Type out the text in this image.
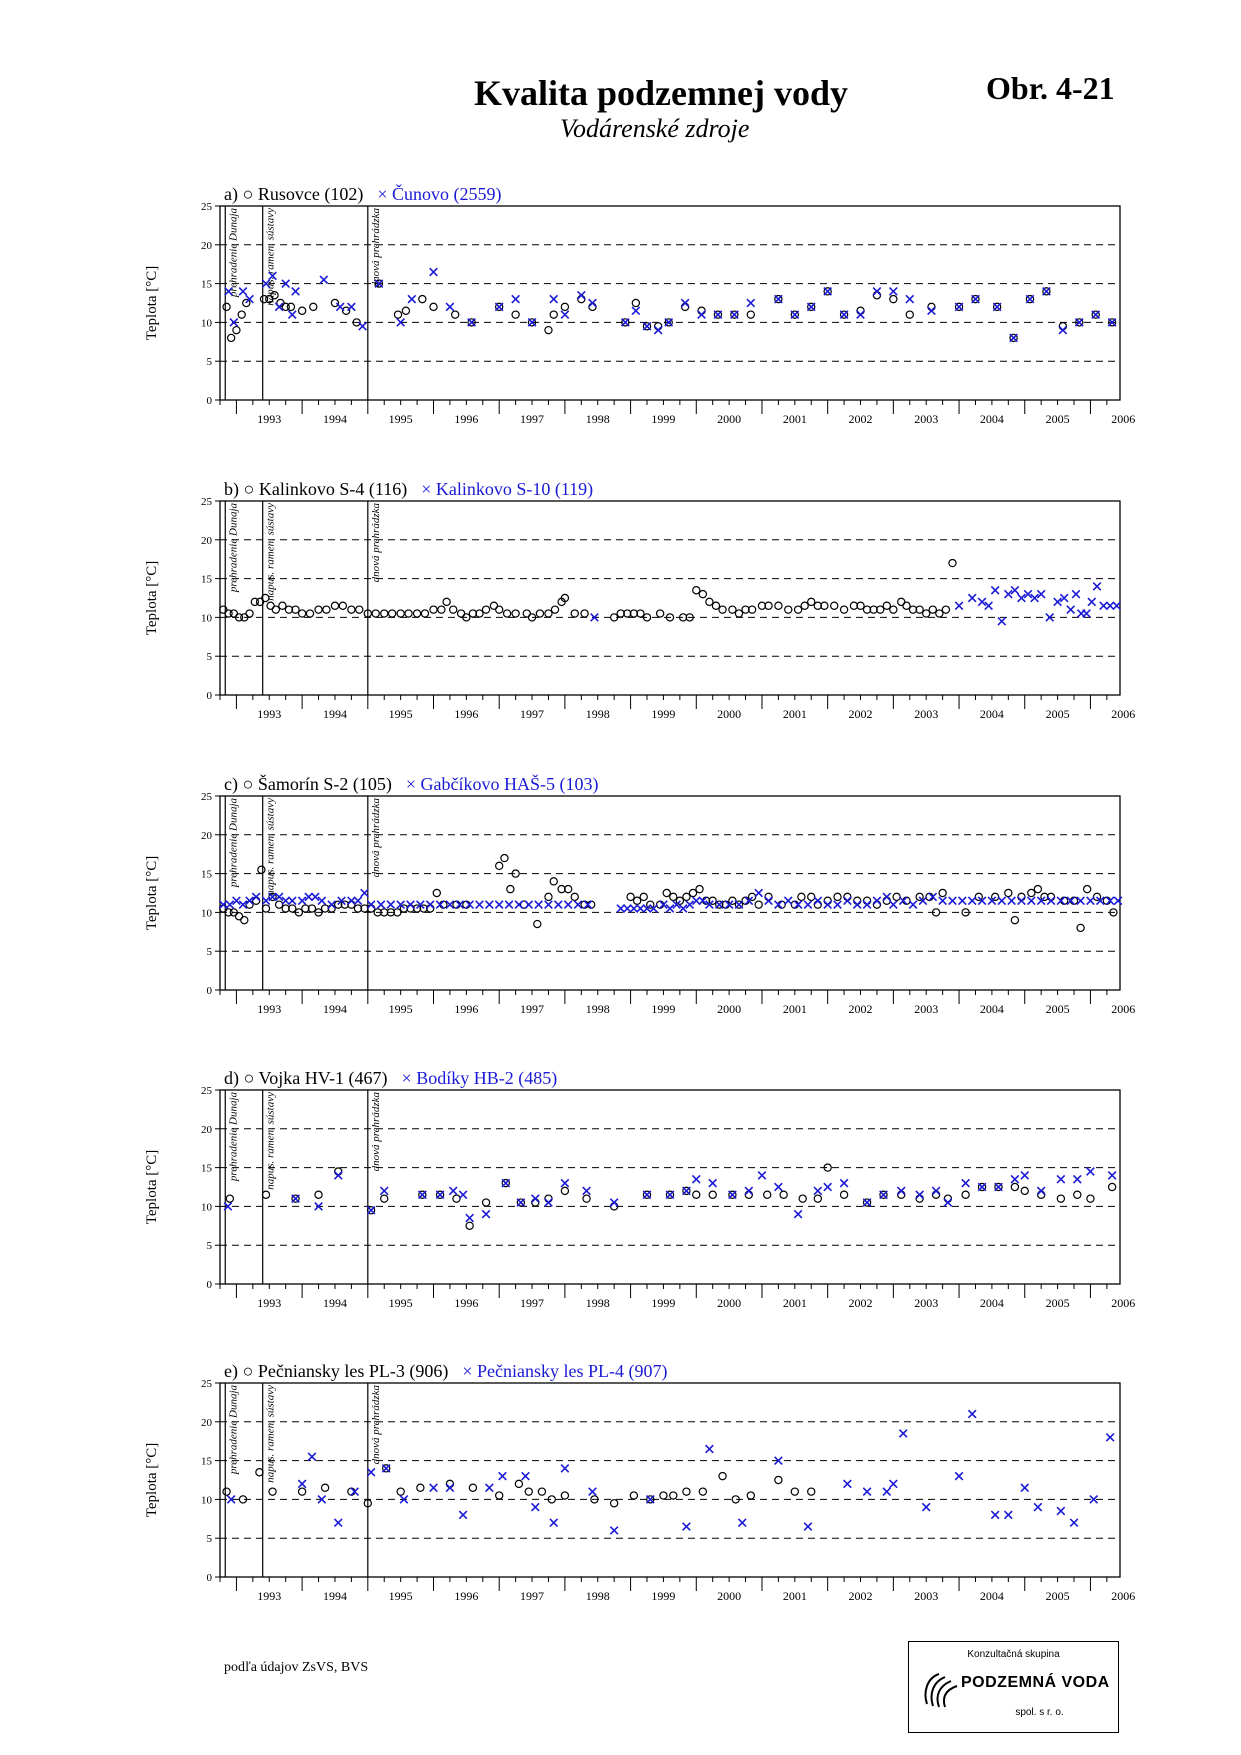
Kvalita podzemnej vody
Vodárenské zdroje
Obr. 4-21
a) ○ Rusovce (102) × Čunovo (2559)
0
5
10
15
20
25
Teplota [°C]
1993	1994	1995	1996	1997	1998	1999	2000	2001	2002	2003	2004	2005	2006
prehradenie Dunaja napus. ramen. sústavy	dnová prehrádzka
b) ○ Kalinkovo S-4 (116) × Kalinkovo S-10 (119)
0
5
10
15
20
25
Teplota [°C]
1993	1994	1995	1996	1997	1998	1999	2000	2001	2002	2003	2004	2005	2006
prehradenie Dunaja napus. ramen. sústavy	dnová prehrádzka
c) ○ Šamorín S-2 (105) × Gabčíkovo HAŠ-5 (103)
0
5
10
15
20
25
Teplota [°C]
1993	1994	1995	1996	1997	1998	1999	2000	2001	2002	2003	2004	2005	2006
prehradenie Dunaja napus. ramen. sústavy	dnová prehrádzka
d) ○ Vojka HV-1 (467) × Bodíky HB-2 (485)
0
5
10
15
20
25
Teplota [°C]
1993	1994	1995	1996	1997	1998	1999	2000	2001	2002	2003	2004	2005	2006
prehradenie Dunaja napus. ramen. sústavy	dnová prehrádzka
e) ○ Pečniansky les PL-3 (906) × Pečniansky les PL-4 (907)
0
5
10
15
20
25
Teplota [°C]
1993	1994	1995	1996	1997	1998	1999	2000	2001	2002	2003	2004	2005	2006
prehradenie Dunaja napus. ramen. sústavy	dnová prehrádzka
podľa údajov ZsVS, BVS
Konzultačná skupina
PODZEMNÁ VODA
spol. s r. o.
